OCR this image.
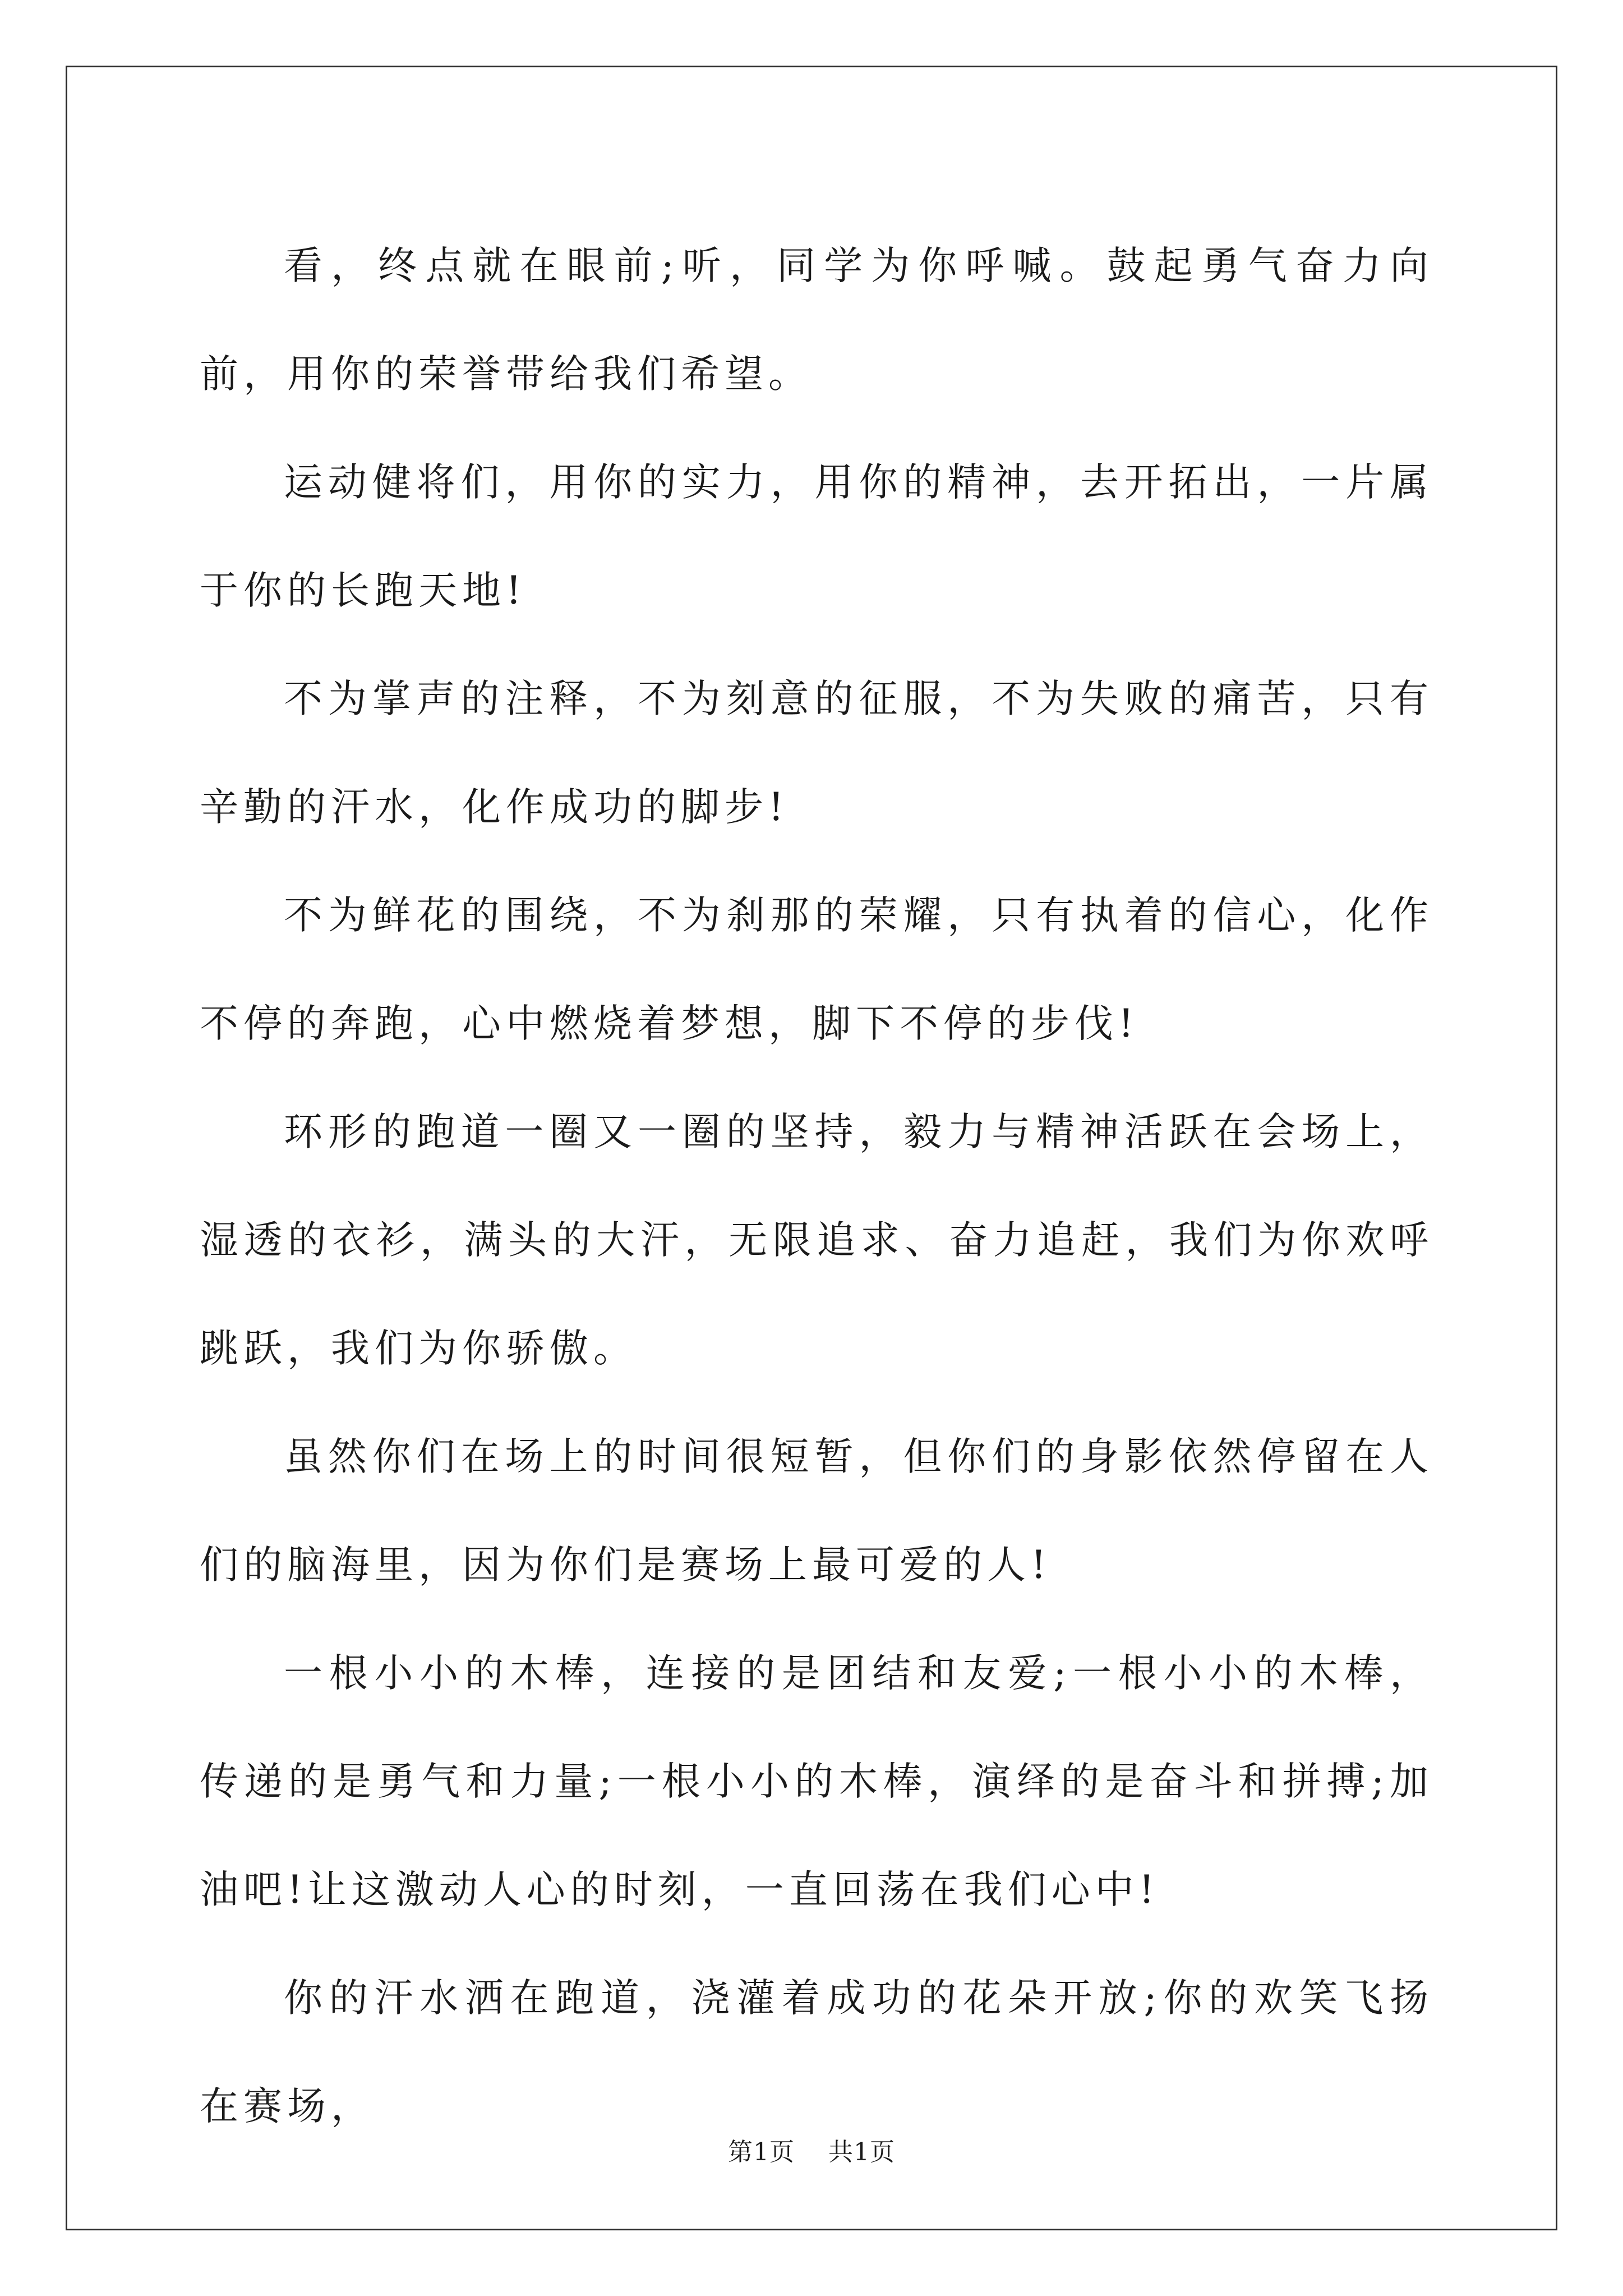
看，终点就在眼前;听，同学为你呼喊。鼓起勇气奋力向前，用你的荣誉带给我们希望。

运动健将们，用你的实力，用你的精神，去开拓出，一片属于你的长跑天地!

不为掌声的注释，不为刻意的征服，不为失败的痛苦，只有辛勤的汗水，化作成功的脚步!

不为鲜花的围绕，不为刹那的荣耀，只有执着的信心，化作不停的奔跑，心中燃烧着梦想，脚下不停的步伐!

环形的跑道一圈又一圈的坚持，毅力与精神活跃在会场上，湿透的衣衫，满头的大汗，无限追求、奋力追赶，我们为你欢呼跳跃，我们为你骄傲。

虽然你们在场上的时间很短暂，但你们的身影依然停留在人们的脑海里，因为你们是赛场上最可爱的人!

一根小小的木棒，连接的是团结和友爱;一根小小的木棒，传递的是勇气和力量;一根小小的木棒，演绎的是奋斗和拼搏;加油吧!让这激动人心的时刻，一直回荡在我们心中!

你的汗水洒在跑道，浇灌着成功的花朵开放;你的欢笑飞扬在赛场，

第1页 共1页
